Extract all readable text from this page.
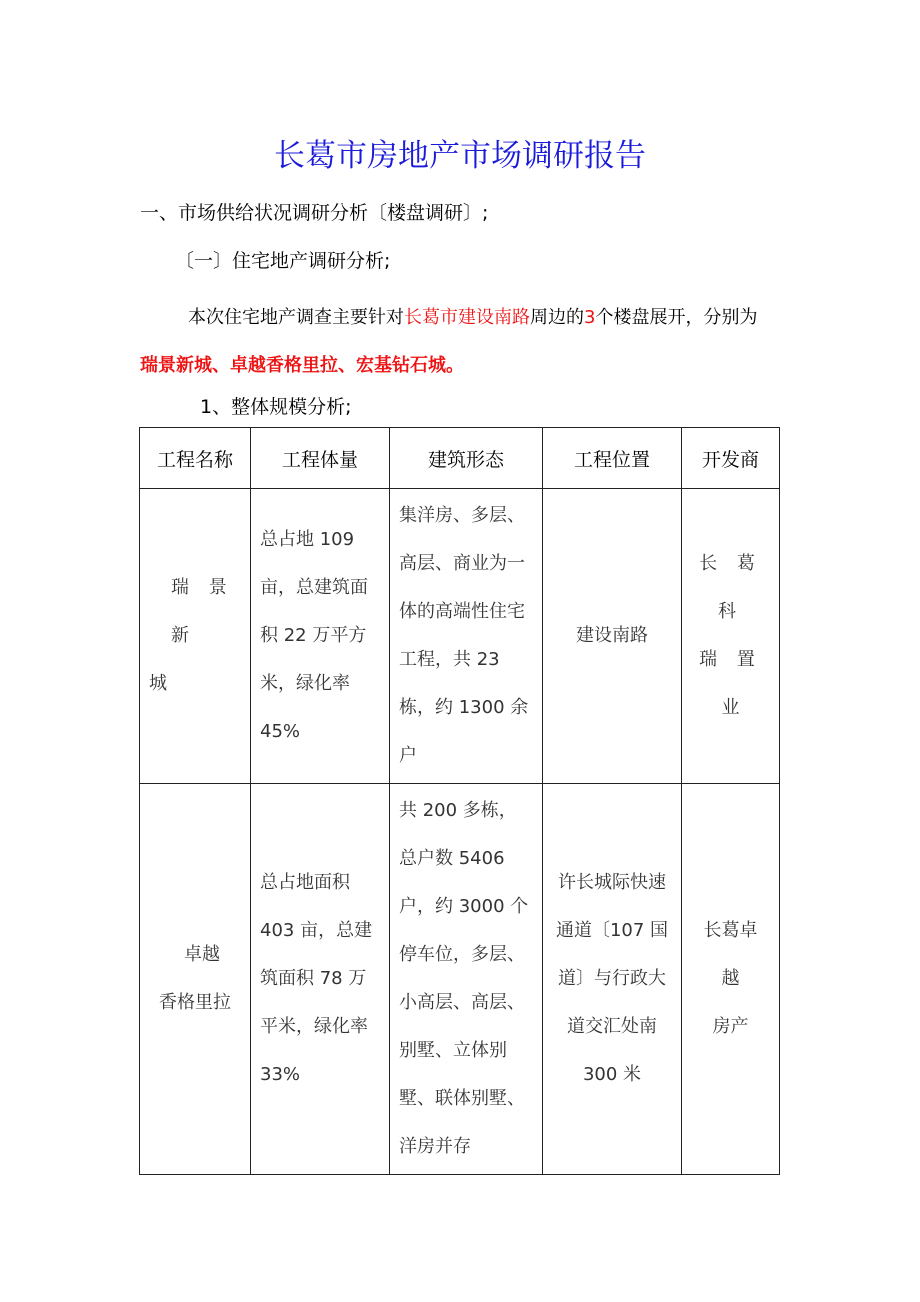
长葛市房地产市场调研报告
一、市场供给状况调研分析〔楼盘调研〕;
〔一〕住宅地产调研分析;
本次住宅地产调查主要针对长葛市建设南路周边的3个楼盘展开，分别为
瑞景新城、卓越香格里拉、宏基钻石城。
1、整体规模分析;
工程名称	工程体量	建筑形态	工程位置	开发商

瑞 景 新
城	总占地 109 亩，总建筑面积 22 万平方米，绿化率 45%	集洋房、多层、高层、商业为一体的高端性住宅工程，共 23 栋，约 1300 余户	建设南路	长 葛 科
瑞 置
业

卓越
香格里拉	总占地面积 403 亩，总建筑面积 78 万平米，绿化率 33%	共 200 多栋，总户数 5406 户，约 3000 个停车位，多层、小高层、高层、别墅、立体别墅、联体别墅、洋房并存	许长城际快速通道〔107 国道〕与行政大道交汇处南 300 米	长葛卓
越
房产
